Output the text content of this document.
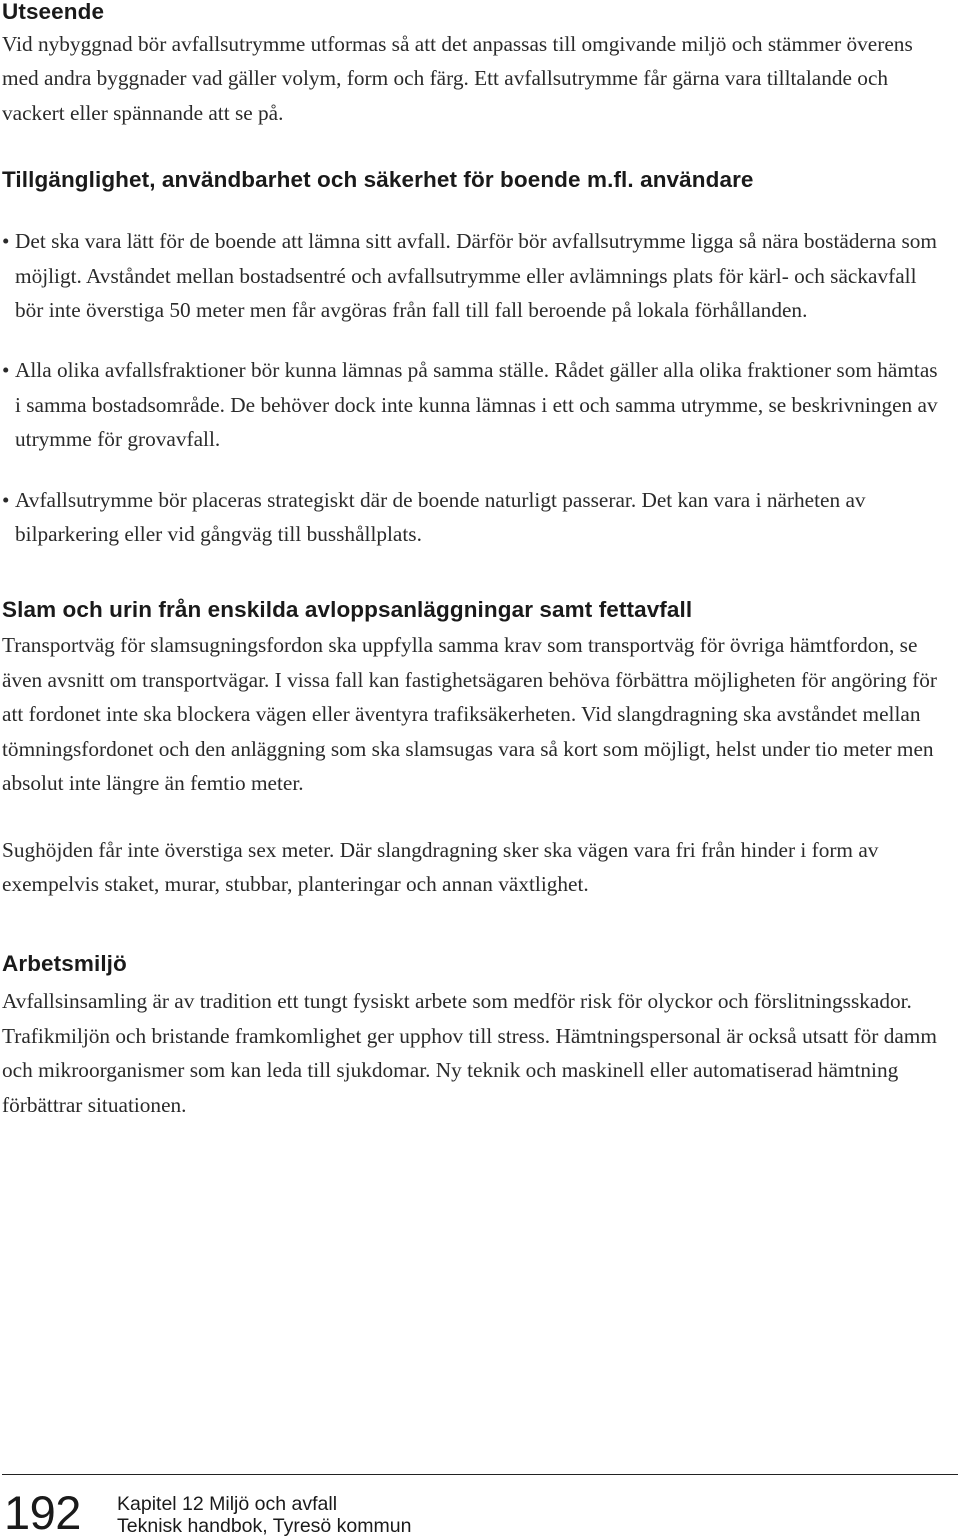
Utseende

Vid nybyggnad bör avfallsutrymme utformas så att det anpassas till omgivande miljö och stämmer överens med andra byggnader vad gäller volym, form och färg. Ett avfallsutrymme får gärna vara tilltalande och vackert eller spännande att se på.

Tillgänglighet, användbarhet och säkerhet för boende m.fl. användare
• Det ska vara lätt för de boende att lämna sitt avfall. Därför bör avfallsutrymme ligga så nära bostäderna som möjligt. Avståndet mellan bostadsentré och avfallsutrymme eller avlämnings plats för kärl- och säckavfall bör inte överstiga 50 meter men får avgöras från fall till fall beroende på lokala förhållanden.
• Alla olika avfallsfraktioner bör kunna lämnas på samma ställe. Rådet gäller alla olika fraktioner som hämtas i samma bostadsområde. De behöver dock inte kunna lämnas i ett och samma utrymme, se beskrivningen av utrymme för grovavfall.
• Avfallsutrymme bör placeras strategiskt där de boende naturligt passerar. Det kan vara i närheten av bilparkering eller vid gångväg till busshållplats.
Slam och urin från enskilda avloppsanläggningar samt fettavfall

Transportväg för slamsugningsfordon ska uppfylla samma krav som transportväg för övriga hämtfordon, se även avsnitt om transportvägar. I vissa fall kan fastighetsägaren behöva förbättra möjligheten för angöring för att fordonet inte ska blockera vägen eller äventyra trafiksäkerheten. Vid slangdragning ska avståndet mellan tömningsfordonet och den anläggning som ska slamsugas vara så kort som möjligt, helst under tio meter men absolut inte längre än femtio meter.

Sughöjden får inte överstiga sex meter. Där slangdragning sker ska vägen vara fri från hinder i form av exempelvis staket, murar, stubbar, planteringar och annan växtlighet.

Arbetsmiljö

Avfallsinsamling är av tradition ett tungt fysiskt arbete som medför risk för olyckor och förslitningsskador. Trafikmiljön och bristande framkomlighet ger upphov till stress. Hämtningspersonal är också utsatt för damm och mikroorganismer som kan leda till sjukdomar. Ny teknik och maskinell eller automatiserad hämtning förbättrar situationen.

192 Kapitel 12 Miljö och avfall
Teknisk handbok, Tyresö kommun
